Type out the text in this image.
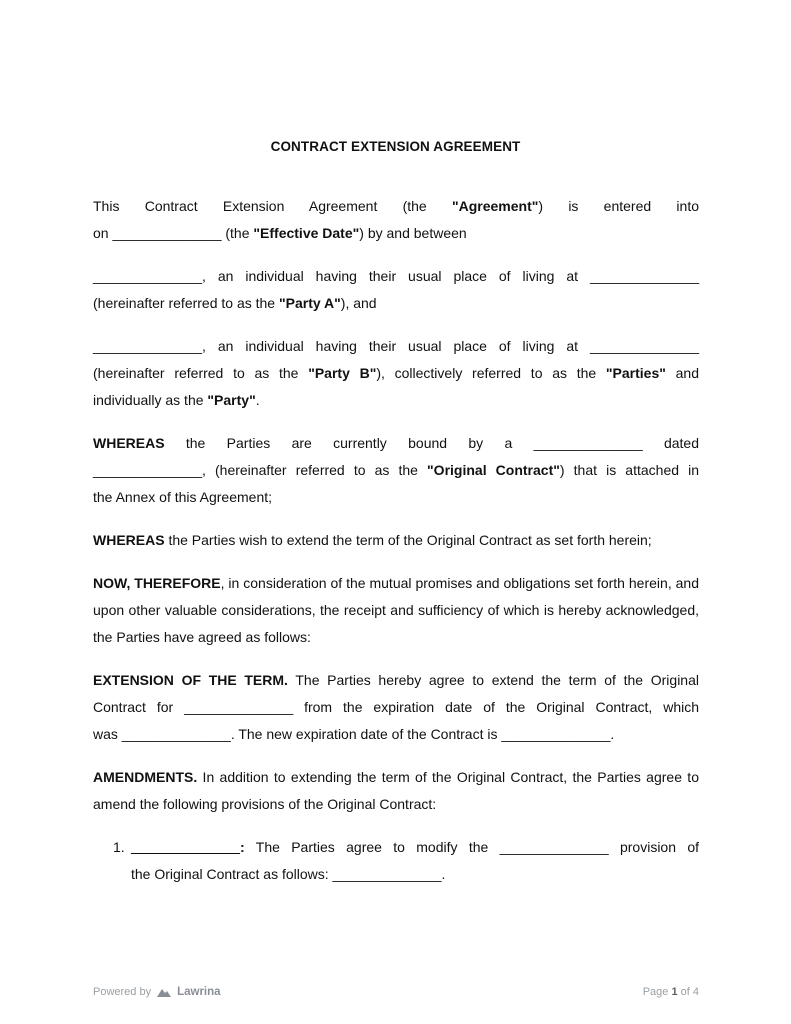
CONTRACT EXTENSION AGREEMENT
This Contract Extension Agreement (the "Agreement") is entered into
on ______________ (the "Effective Date") by and between
______________, an individual having their usual place of living at ______________
(hereinafter referred to as the "Party A"), and
______________, an individual having their usual place of living at ______________
(hereinafter referred to as the "Party B"), collectively referred to as the "Parties" and
individually as the "Party".
WHEREAS the Parties are currently bound by a ______________ dated
______________, (hereinafter referred to as the "Original Contract") that is attached in
the Annex of this Agreement;
WHEREAS the Parties wish to extend the term of the Original Contract as set forth herein;

NOW, THEREFORE, in consideration of the mutual promises and obligations set forth herein, and upon other valuable considerations, the receipt and sufficiency of which is hereby acknowledged, the Parties have agreed as follows:

EXTENSION OF THE TERM. The Parties hereby agree to extend the term of the Original
Contract for ______________ from the expiration date of the Original Contract, which
was ______________. The new expiration date of the Contract is ______________.

AMENDMENTS. In addition to extending the term of the Original Contract, the Parties agree to amend the following provisions of the Original Contract:

1. ______________: The Parties agree to modify the ______________ provision of
the Original Contract as follows: ______________.
Powered by Lawrina	Page 1 of 4
